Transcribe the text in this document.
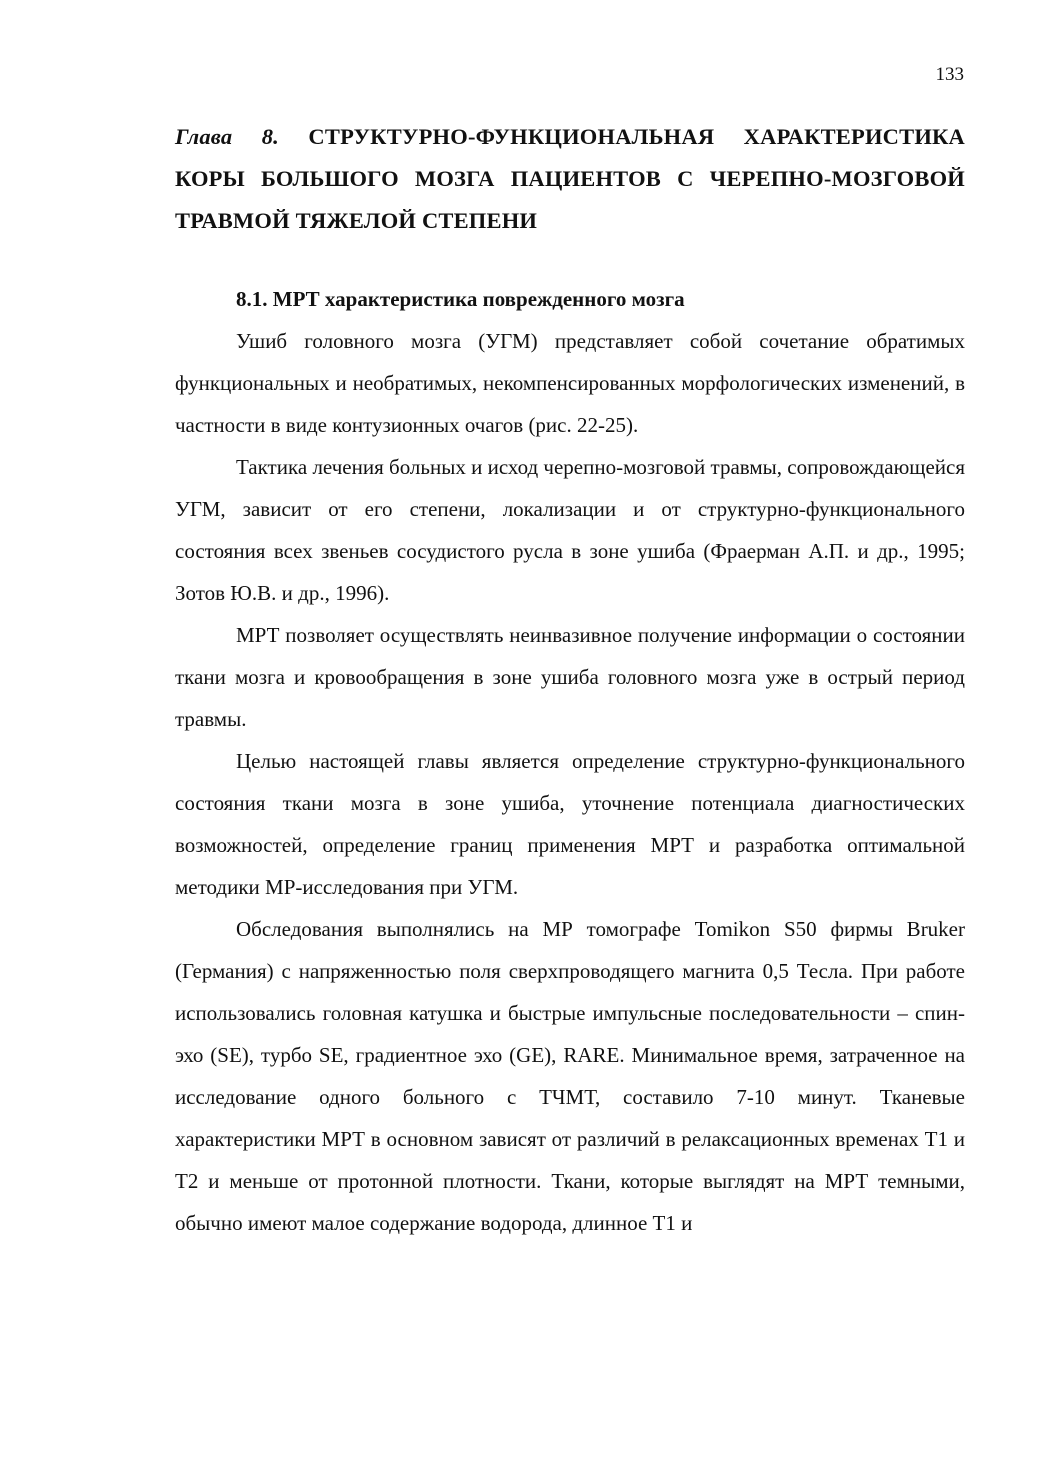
133
Глава 8. СТРУКТУРНО-ФУНКЦИОНАЛЬНАЯ ХАРАКТЕРИСТИКА КОРЫ БОЛЬШОГО МОЗГА ПАЦИЕНТОВ С ЧЕРЕПНО-МОЗГОВОЙ ТРАВМОЙ ТЯЖЕЛОЙ СТЕПЕНИ
8.1. МРТ характеристика поврежденного мозга

Ушиб головного мозга (УГМ) представляет собой сочетание обратимых функциональных и необратимых, некомпенсированных морфологических изменений, в частности в виде контузионных очагов (рис. 22-25).

Тактика лечения больных и исход черепно-мозговой травмы, сопровождающейся УГМ, зависит от его степени, локализации и от структурно-функционального состояния всех звеньев сосудистого русла в зоне ушиба (Фраерман А.П. и др., 1995; Зотов Ю.В. и др., 1996).

МРТ позволяет осуществлять неинвазивное получение информации о состоянии ткани мозга и кровообращения в зоне ушиба головного мозга уже в острый период травмы.

Целью настоящей главы является определение структурно-функционального состояния ткани мозга в зоне ушиба, уточнение потенциала диагностических возможностей, определение границ применения МРТ и разработка оптимальной методики МР-исследования при УГМ.

Обследования выполнялись на МР томографе Tomikon S50 фирмы Bruker (Германия) с напряженностью поля сверхпроводящего магнита 0,5 Тесла. При работе использовались головная катушка и быстрые импульсные последовательности – спин-эхо (SE), турбо SE, градиентное эхо (GE), RARE. Минимальное время, затраченное на исследование одного больного с ТЧМТ, составило 7-10 минут. Тканевые характеристики МРТ в основном зависят от различий в релаксационных временах Т1 и Т2 и меньше от протонной плотности. Ткани, которые выглядят на МРТ темными, обычно имеют малое содержание водорода, длинное Т1 и
